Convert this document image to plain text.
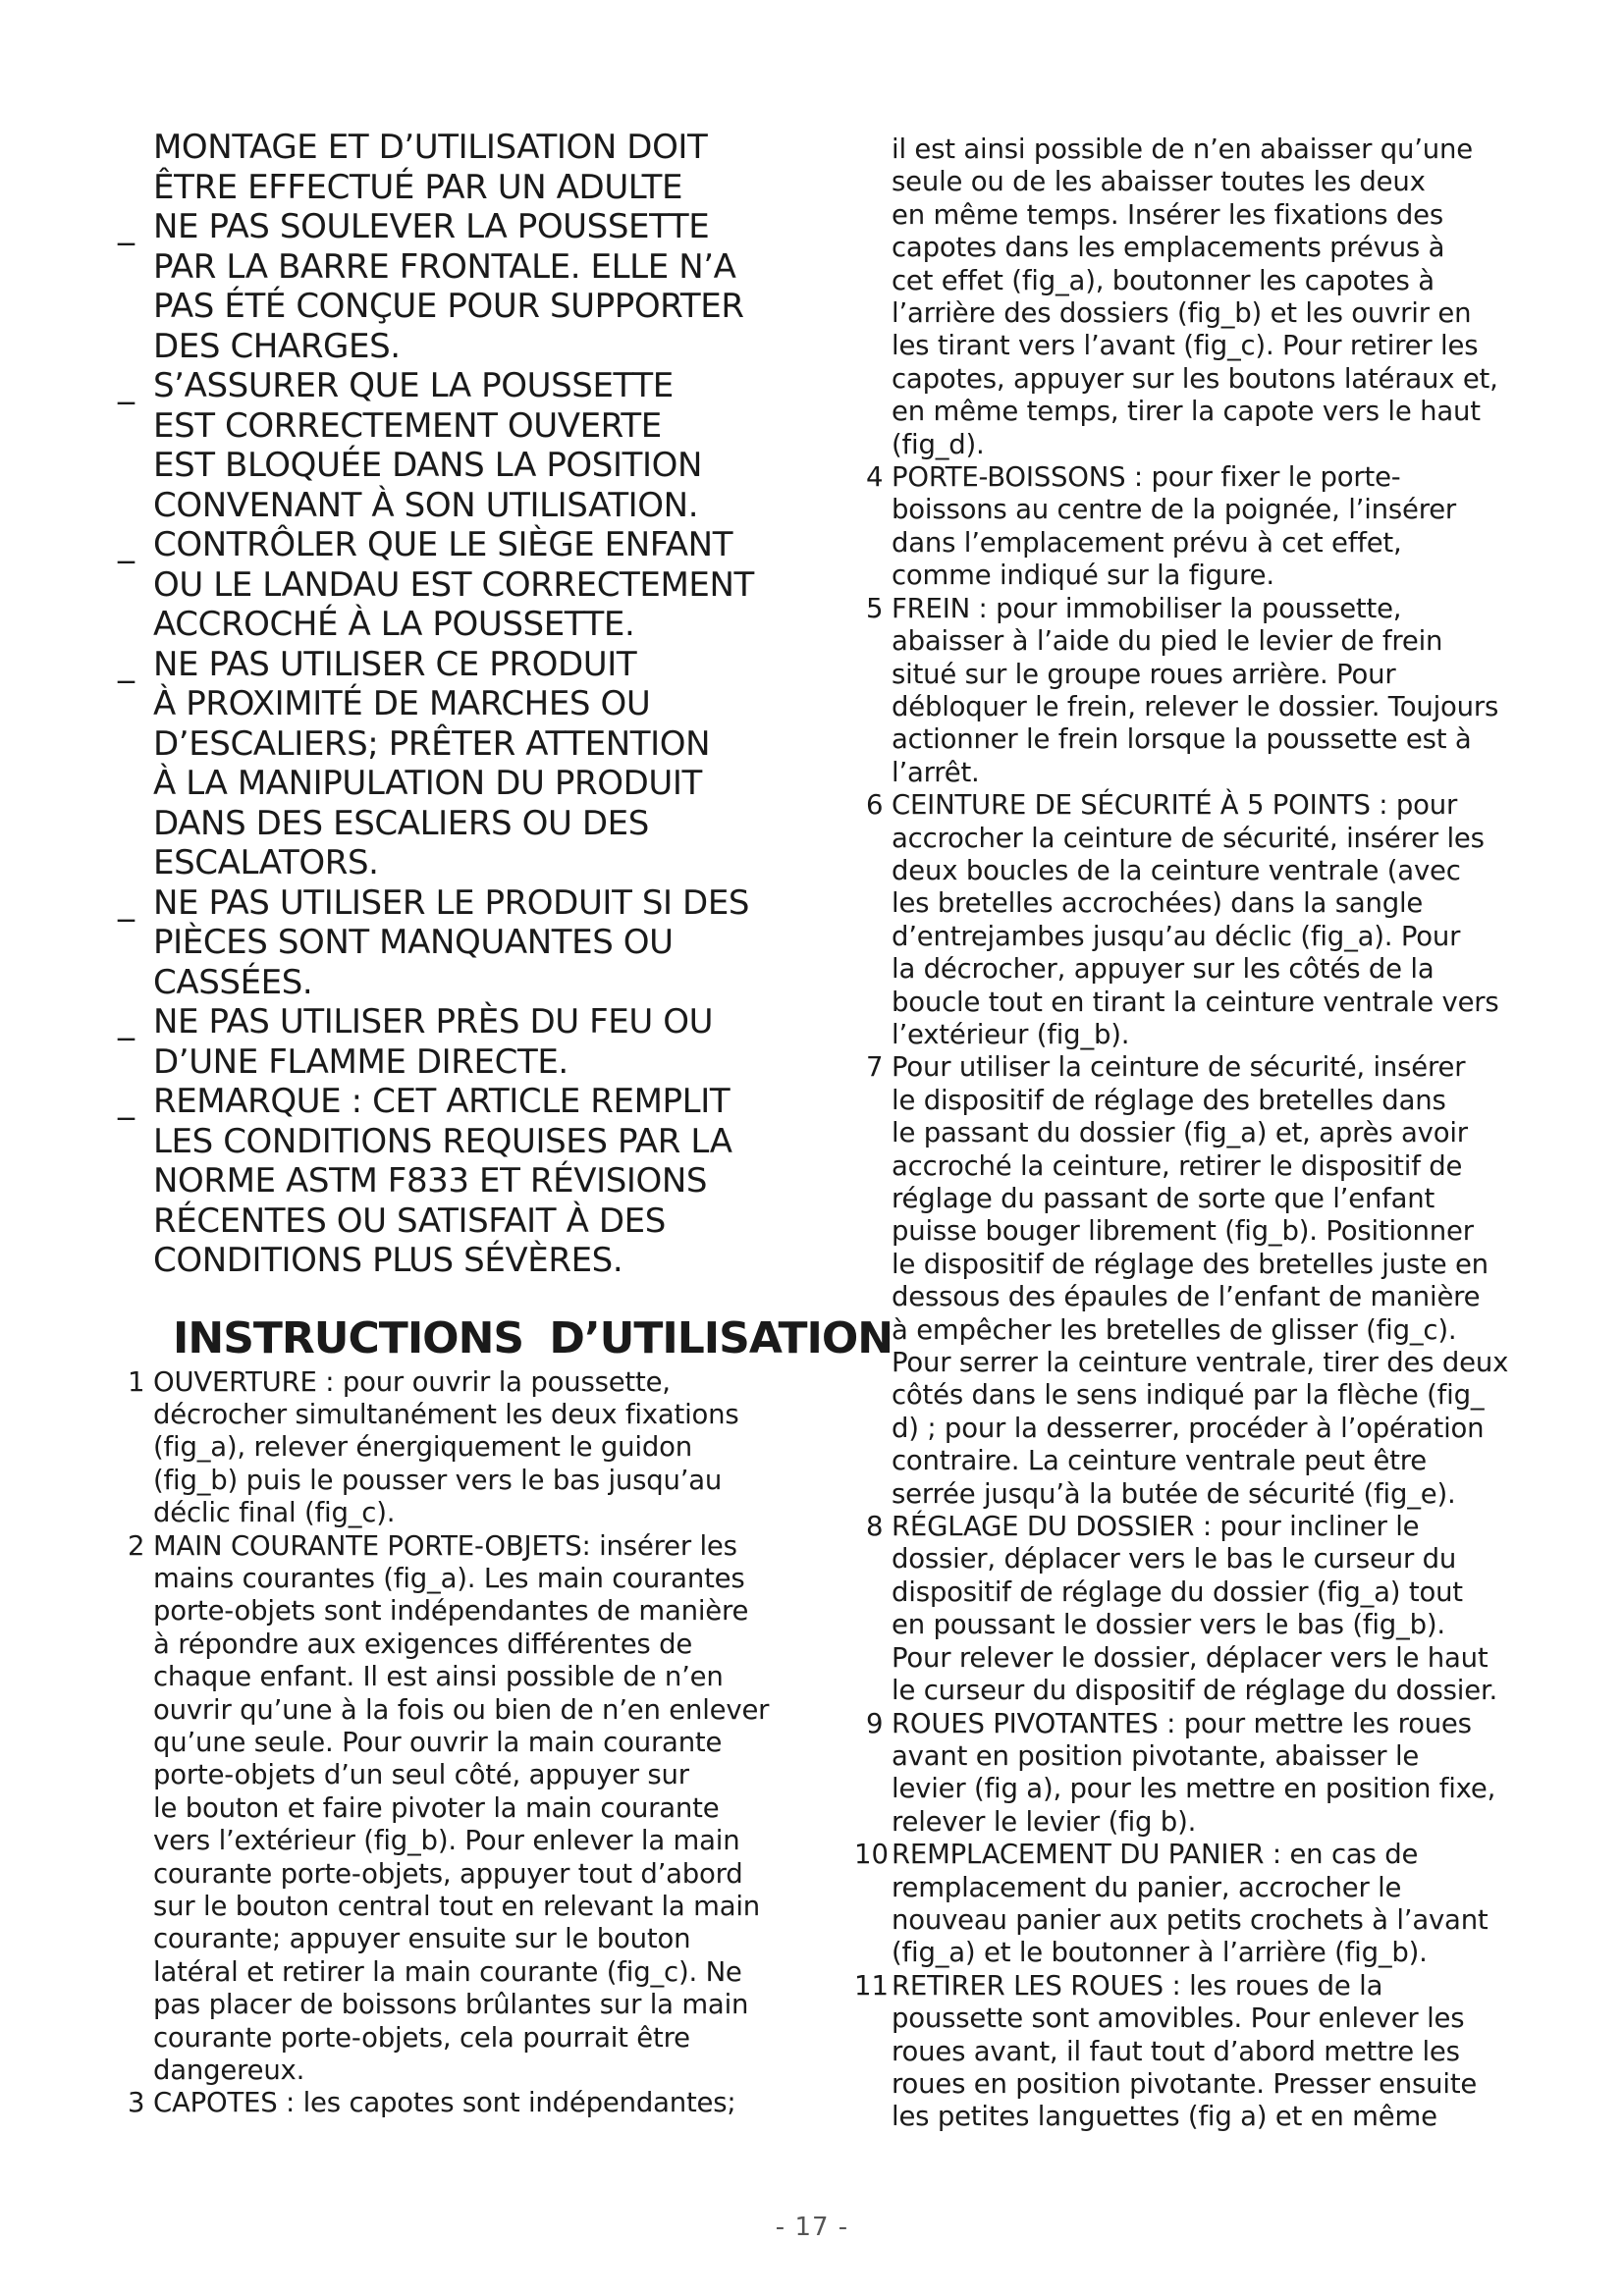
MONTAGE ET D’UTILISATION DOIT
ÊTRE EFFECTUÉ PAR UN ADULTE
_ NE PAS SOULEVER LA POUSSETTE
PAR LA BARRE FRONTALE. ELLE N’A
PAS ÉTÉ CONÇUE POUR SUPPORTER
DES CHARGES.
_ S’ASSURER QUE LA POUSSETTE
EST CORRECTEMENT OUVERTE
EST BLOQUÉE DANS LA POSITION
CONVENANT À SON UTILISATION.
_ CONTRÔLER QUE LE SIÈGE ENFANT
OU LE LANDAU EST CORRECTEMENT
ACCROCHÉ À LA POUSSETTE.
_ NE PAS UTILISER CE PRODUIT
À PROXIMITÉ DE MARCHES OU
D’ESCALIERS; PRÊTER ATTENTION
À LA MANIPULATION DU PRODUIT
DANS DES ESCALIERS OU DES
ESCALATORS.
_ NE PAS UTILISER LE PRODUIT SI DES
PIÈCES SONT MANQUANTES OU
CASSÉES.
_ NE PAS UTILISER PRÈS DU FEU OU
D’UNE FLAMME DIRECTE.
_ REMARQUE : CET ARTICLE REMPLIT
LES CONDITIONS REQUISES PAR LA
NORME ASTM F833 ET RÉVISIONS
RÉCENTES OU SATISFAIT À DES
CONDITIONS PLUS SÉVÈRES.
INSTRUCTIONS D’UTILISATION
1 OUVERTURE : pour ouvrir la poussette,
décrocher simultanément les deux fixations
(fig_a), relever énergiquement le guidon
(fig_b) puis le pousser vers le bas jusqu’au
déclic final (fig_c).
2 MAIN COURANTE PORTE-OBJETS: insérer les
mains courantes (fig_a). Les main courantes
porte-objets sont indépendantes de manière
à répondre aux exigences différentes de
chaque enfant. Il est ainsi possible de n’en
ouvrir qu’une à la fois ou bien de n’en enlever
qu’une seule. Pour ouvrir la main courante
porte-objets d’un seul côté, appuyer sur
le bouton et faire pivoter la main courante
vers l’extérieur (fig_b). Pour enlever la main
courante porte-objets, appuyer tout d’abord
sur le bouton central tout en relevant la main
courante; appuyer ensuite sur le bouton
latéral et retirer la main courante (fig_c). Ne
pas placer de boissons brûlantes sur la main
courante porte-objets, cela pourrait être
dangereux.
3 CAPOTES : les capotes sont indépendantes;
il est ainsi possible de n’en abaisser qu’une
seule ou de les abaisser toutes les deux
en même temps. Insérer les fixations des
capotes dans les emplacements prévus à
cet effet (fig_a), boutonner les capotes à
l’arrière des dossiers (fig_b) et les ouvrir en
les tirant vers l’avant (fig_c). Pour retirer les
capotes, appuyer sur les boutons latéraux et,
en même temps, tirer la capote vers le haut
(fig_d).
4 PORTE-BOISSONS : pour fixer le porte-
boissons au centre de la poignée, l’insérer
dans l’emplacement prévu à cet effet,
comme indiqué sur la figure.
5 FREIN : pour immobiliser la poussette,
abaisser à l’aide du pied le levier de frein
situé sur le groupe roues arrière. Pour
débloquer le frein, relever le dossier. Toujours
actionner le frein lorsque la poussette est à
l’arrêt.
6 CEINTURE DE SÉCURITÉ À 5 POINTS : pour
accrocher la ceinture de sécurité, insérer les
deux boucles de la ceinture ventrale (avec
les bretelles accrochées) dans la sangle
d’entrejambes jusqu’au déclic (fig_a). Pour
la décrocher, appuyer sur les côtés de la
boucle tout en tirant la ceinture ventrale vers
l’extérieur (fig_b).
7 Pour utiliser la ceinture de sécurité, insérer
le dispositif de réglage des bretelles dans
le passant du dossier (fig_a) et, après avoir
accroché la ceinture, retirer le dispositif de
réglage du passant de sorte que l’enfant
puisse bouger librement (fig_b). Positionner
le dispositif de réglage des bretelles juste en
dessous des épaules de l’enfant de manière
à empêcher les bretelles de glisser (fig_c).
Pour serrer la ceinture ventrale, tirer des deux
côtés dans le sens indiqué par la flèche (fig_
d) ; pour la desserrer, procéder à l’opération
contraire. La ceinture ventrale peut être
serrée jusqu’à la butée de sécurité (fig_e).
8 RÉGLAGE DU DOSSIER : pour incliner le
dossier, déplacer vers le bas le curseur du
dispositif de réglage du dossier (fig_a) tout
en poussant le dossier vers le bas (fig_b).
Pour relever le dossier, déplacer vers le haut
le curseur du dispositif de réglage du dossier.
9 ROUES PIVOTANTES : pour mettre les roues
avant en position pivotante, abaisser le
levier (fig a), pour les mettre en position fixe,
relever le levier (fig b).
10 REMPLACEMENT DU PANIER : en cas de
remplacement du panier, accrocher le
nouveau panier aux petits crochets à l’avant
(fig_a) et le boutonner à l’arrière (fig_b).
11 RETIRER LES ROUES : les roues de la
poussette sont amovibles. Pour enlever les
roues avant, il faut tout d’abord mettre les
roues en position pivotante. Presser ensuite
les petites languettes (fig a) et en même
- 17 -
